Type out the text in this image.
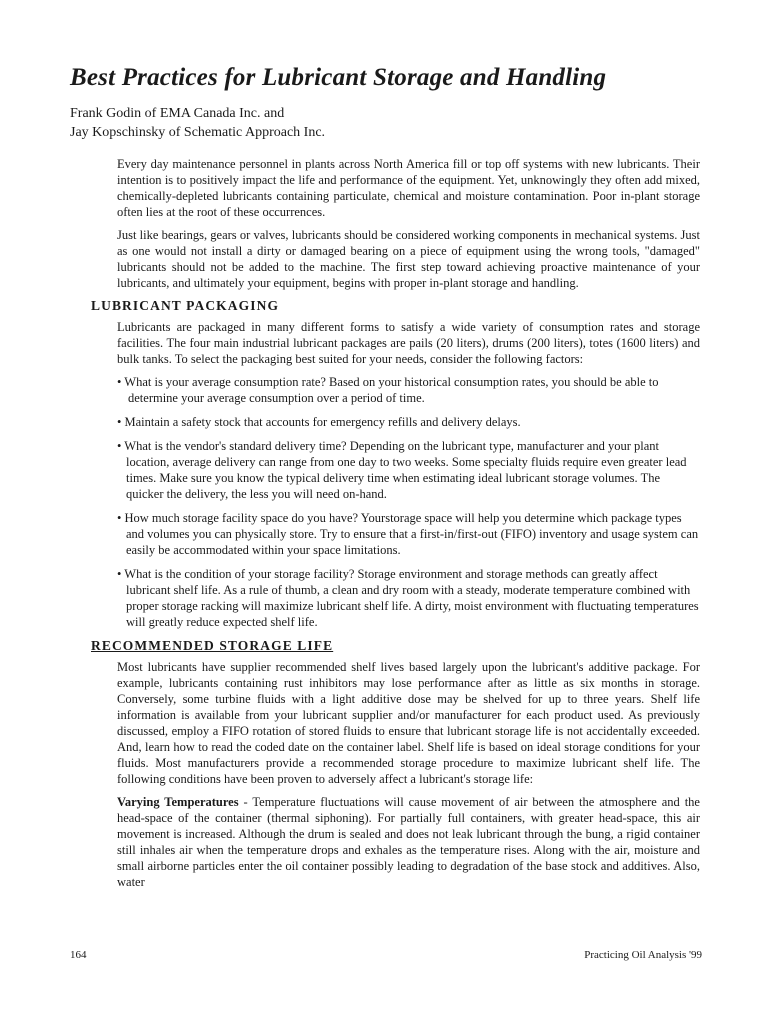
Best Practices for Lubricant Storage and Handling
Frank Godin of EMA Canada Inc. and
Jay Kopschinsky of Schematic Approach Inc.

Every day maintenance personnel in plants across North America fill or top off systems with new lubricants. Their intention is to positively impact the life and performance of the equipment. Yet, unknowingly they often add mixed, chemically-depleted lubricants containing particulate, chemical and moisture contamination. Poor in-plant storage often lies at the root of these occurrences.

Just like bearings, gears or valves, lubricants should be considered working components in mechanical systems. Just as one would not install a dirty or damaged bearing on a piece of equipment using the wrong tools, "damaged" lubricants should not be added to the machine. The first step toward achieving proactive maintenance of your lubricants, and ultimately your equipment, begins with proper in-plant storage and handling.

LUBRICANT PACKAGING

Lubricants are packaged in many different forms to satisfy a wide variety of consumption rates and storage facilities. The four main industrial lubricant packages are pails (20 liters), drums (200 liters), totes (1600 liters) and bulk tanks. To select the packaging best suited for your needs, consider the following factors:

• What is your average consumption rate? Based on your historical consumption rates, you should be able to determine your average consumption over a period of time.
• Maintain a safety stock that accounts for emergency refills and delivery delays.
• What is the vendor's standard delivery time? Depending on the lubricant type, manufacturer and your plant location, average delivery can range from one day to two weeks. Some specialty fluids require even greater lead times. Make sure you know the typical delivery time when estimating ideal lubricant storage volumes. The quicker the delivery, the less you will need on-hand.
• How much storage facility space do you have? Yourstorage space will help you determine which package types and volumes you can physically store. Try to ensure that a first-in/first-out (FIFO) inventory and usage system can easily be accommodated within your space limitations.
• What is the condition of your storage facility? Storage environment and storage methods can greatly affect lubricant shelf life. As a rule of thumb, a clean and dry room with a steady, moderate temperature combined with proper storage racking will maximize lubricant shelf life. A dirty, moist environment with fluctuating temperatures will greatly reduce expected shelf life.
RECOMMENDED STORAGE LIFE

Most lubricants have supplier recommended shelf lives based largely upon the lubricant's additive package. For example, lubricants containing rust inhibitors may lose performance after as little as six months in storage. Conversely, some turbine fluids with a light additive dose may be shelved for up to three years. Shelf life information is available from your lubricant supplier and/or manufacturer for each product used. As previously discussed, employ a FIFO rotation of stored fluids to ensure that lubricant storage life is not accidentally exceeded. And, learn how to read the coded date on the container label. Shelf life is based on ideal storage conditions for your fluids. Most manufacturers provide a recommended storage procedure to maximize lubricant shelf life. The following conditions have been proven to adversely affect a lubricant's storage life:

Varying Temperatures - Temperature fluctuations will cause movement of air between the atmosphere and the head-space of the container (thermal siphoning). For partially full containers, with greater head-space, this air movement is increased. Although the drum is sealed and does not leak lubricant through the bung, a rigid container still inhales air when the temperature drops and exhales as the temperature rises. Along with the air, moisture and small airborne particles enter the oil container possibly leading to degradation of the base stock and additives. Also, water

164	Practicing Oil Analysis '99
